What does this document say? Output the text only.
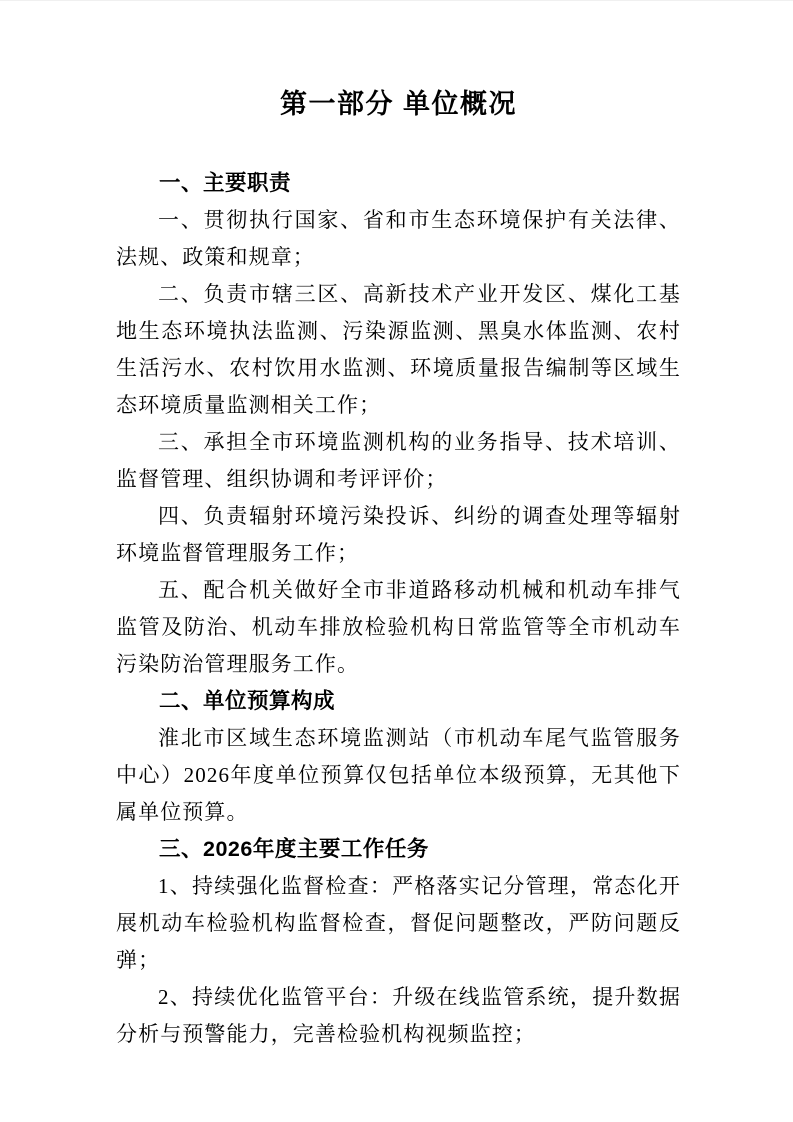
第一部分 单位概况
一、主要职责

一、贯彻执行国家、省和市生态环境保护有关法律、法规、政策和规章；

二、负责市辖三区、高新技术产业开发区、煤化工基地生态环境执法监测、污染源监测、黑臭水体监测、农村生活污水、农村饮用水监测、环境质量报告编制等区域生态环境质量监测相关工作；

三、承担全市环境监测机构的业务指导、技术培训、监督管理、组织协调和考评评价；

四、负责辐射环境污染投诉、纠纷的调查处理等辐射环境监督管理服务工作；

五、配合机关做好全市非道路移动机械和机动车排气监管及防治、机动车排放检验机构日常监管等全市机动车污染防治管理服务工作。

二、单位预算构成

淮北市区域生态环境监测站（市机动车尾气监管服务中心）2026年度单位预算仅包括单位本级预算，无其他下属单位预算。

三、2026年度主要工作任务

1、持续强化监督检查：严格落实记分管理，常态化开展机动车检验机构监督检查，督促问题整改，严防问题反弹；

2、持续优化监管平台：升级在线监管系统，提升数据分析与预警能力，完善检验机构视频监控；
